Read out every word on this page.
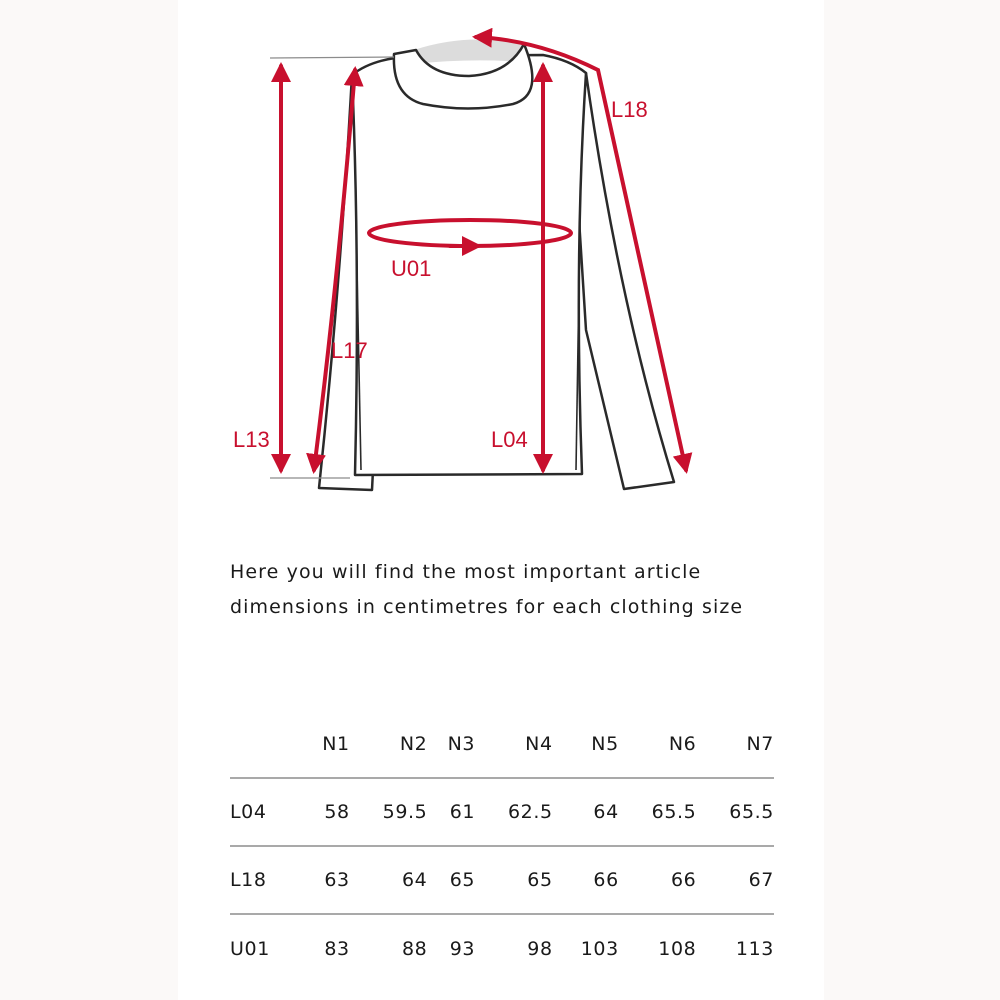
L18
U01
L17
L13	L04

Here you will find the most important article dimensions in centimetres for each clothing size

	N1	N2	N3	N4	N5	N6	N7
L04	58	59.5	61	62.5	64	65.5	65.5
L18	63	64	65	65	66	66	67
U01	83	88	93	98	103	108	113
